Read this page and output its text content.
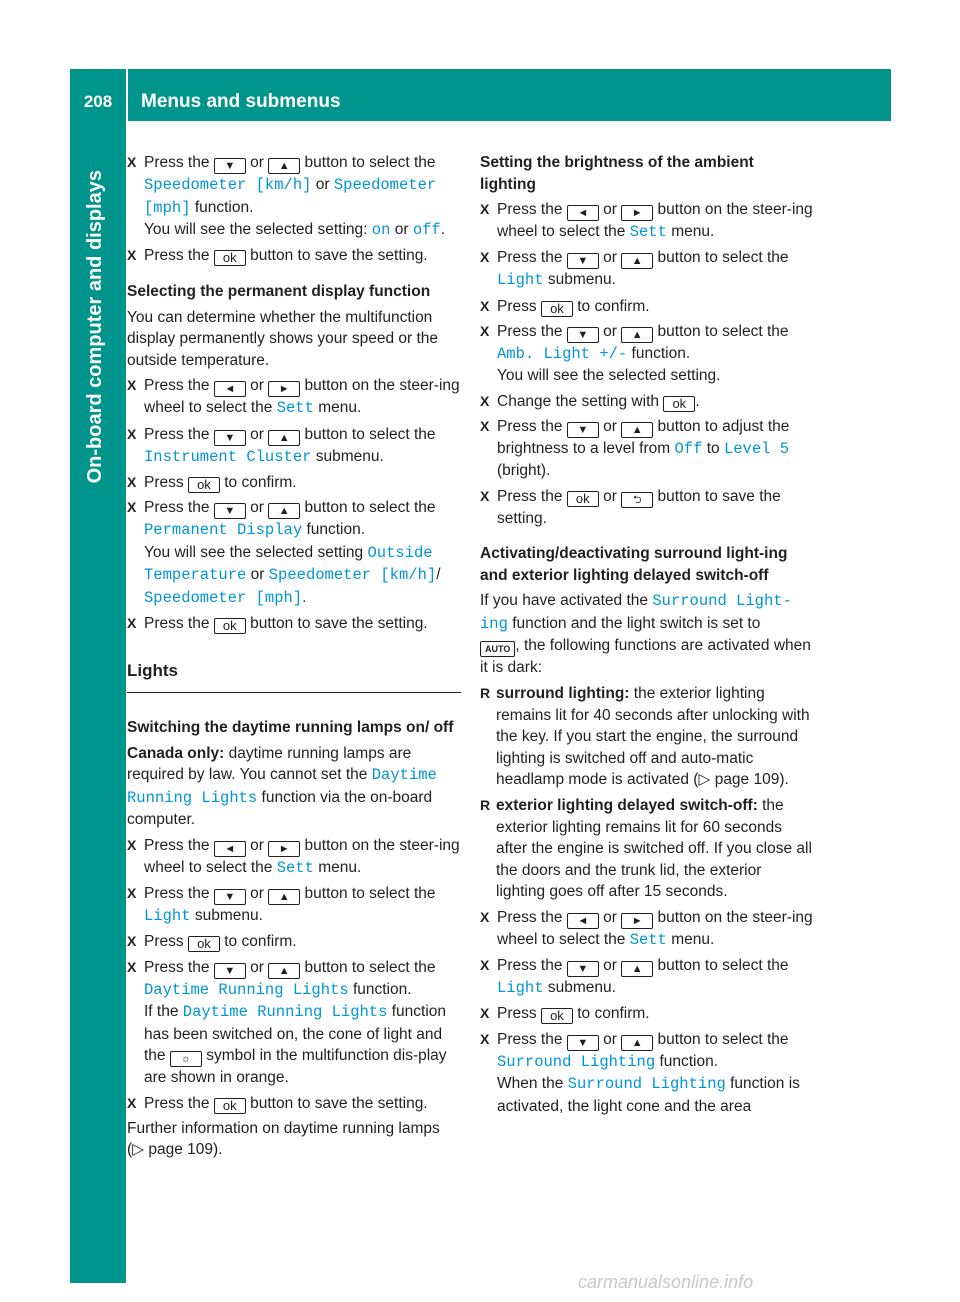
208	Menus and submenus
On-board computer and displays
X Press the ▼ or ▲ button to select the Speedometer [km/h] or Speedometer [mph] function.
You will see the selected setting: on or off.
X Press the ok button to save the setting.
Selecting the permanent display function
You can determine whether the multifunction display permanently shows your speed or the outside temperature.
X Press the ◄ or ► button on the steer-ing wheel to select the Sett menu.
X Press the ▼ or ▲ button to select the Instrument Cluster submenu.
X Press ok to confirm.
X Press the ▼ or ▲ button to select the Permanent Display function.
You will see the selected setting Outside Temperature or Speedometer [km/h]/ Speedometer [mph].
X Press the ok button to save the setting.
Lights
Switching the daytime running lamps on/ off
Canada only: daytime running lamps are required by law. You cannot set the Daytime Running Lights function via the on-board computer.
X Press the ◄ or ► button on the steer-ing wheel to select the Sett menu.
X Press the ▼ or ▲ button to select the Light submenu.
X Press ok to confirm.
X Press the ▼ or ▲ button to select the Daytime Running Lights function.
If the Daytime Running Lights function has been switched on, the cone of light and the ☼ symbol in the multifunction dis-play are shown in orange.
X Press the ok button to save the setting.
Further information on daytime running lamps (▷ page 109).
Setting the brightness of the ambient lighting
X Press the ◄ or ► button on the steer-ing wheel to select the Sett menu.
X Press the ▼ or ▲ button to select the Light submenu.
X Press ok to confirm.
X Press the ▼ or ▲ button to select the Amb. Light +/- function.
You will see the selected setting.
X Change the setting with ok .
X Press the ▼ or ▲ button to adjust the brightness to a level from Off to Level 5
(bright).
X Press the ok or ⮌ button to save the setting.
Activating/deactivating surround light-ing and exterior lighting delayed switch-off
If you have activated the Surround Light-ing function and the light switch is set to
AUTO , the following functions are activated when it is dark:
R surround lighting: the exterior lighting remains lit for 40 seconds after unlocking with the key. If you start the engine, the surround lighting is switched off and auto-matic headlamp mode is activated (▷ page 109).
R exterior lighting delayed switch-off: the exterior lighting remains lit for 60 seconds after the engine is switched off. If you close all the doors and the trunk lid, the exterior lighting goes off after 15 seconds.
X Press the ◄ or ► button on the steer-ing wheel to select the Sett menu.
X Press the ▼ or ▲ button to select the Light submenu.
X Press ok to confirm.
X Press the ▼ or ▲ button to select the Surround Lighting function.
When the Surround Lighting function is activated, the light cone and the area
carmanualsonline.info
